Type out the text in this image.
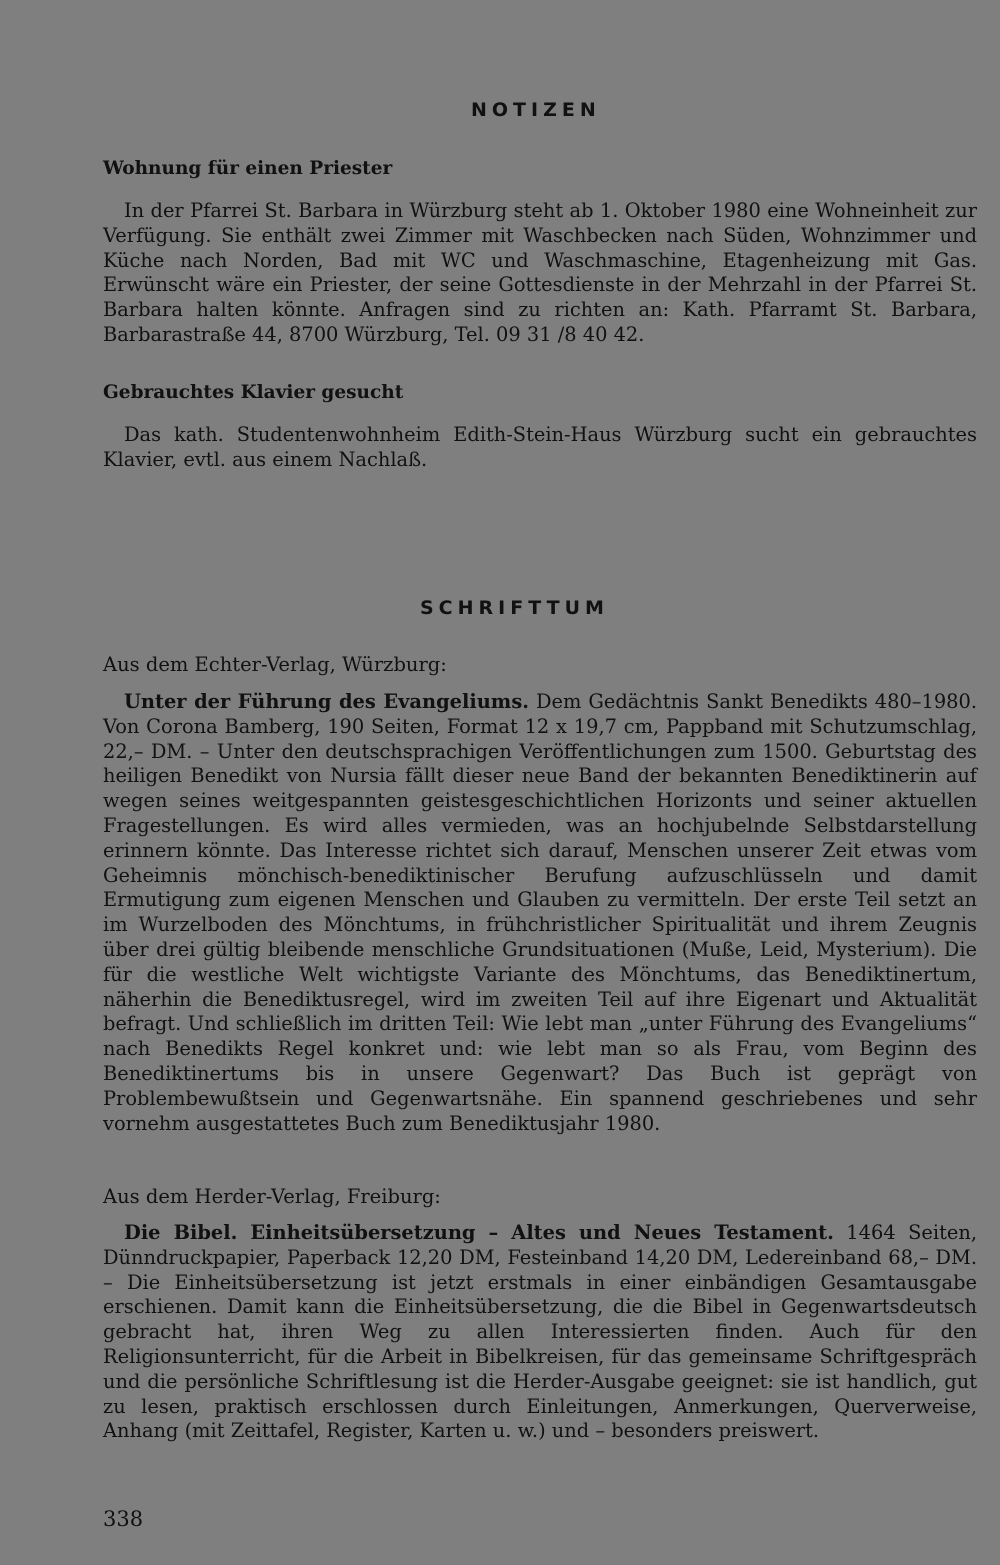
NOTIZEN
Wohnung für einen Priester

In der Pfarrei St. Barbara in Würzburg steht ab 1. Oktober 1980 eine Wohneinheit zur Verfügung. Sie enthält zwei Zimmer mit Waschbecken nach Süden, Wohnzimmer und Küche nach Norden, Bad mit WC und Waschmaschine, Etagenheizung mit Gas. Erwünscht wäre ein Priester, der seine Gottesdienste in der Mehrzahl in der Pfarrei St. Barbara halten könnte. Anfragen sind zu richten an: Kath. Pfarramt St. Barbara, Barbarastraße 44, 8700 Würzburg, Tel. 09 31 /8 40 42.

Gebrauchtes Klavier gesucht

Das kath. Studentenwohnheim Edith-Stein-Haus Würzburg sucht ein gebrauchtes Klavier, evtl. aus einem Nachlaß.

SCHRIFTTUM

Aus dem Echter-Verlag, Würzburg:

Unter der Führung des Evangeliums. Dem Gedächtnis Sankt Benedikts 480–1980. Von Corona Bamberg, 190 Seiten, Format 12 x 19,7 cm, Pappband mit Schutzumschlag, 22,– DM. – Unter den deutschsprachigen Veröffentlichungen zum 1500. Geburtstag des heiligen Benedikt von Nursia fällt dieser neue Band der bekannten Benediktinerin auf wegen seines weitgespannten geistesgeschichtlichen Horizonts und seiner aktuellen Fragestellungen. Es wird alles vermieden, was an hochjubelnde Selbstdarstellung erinnern könnte. Das Interesse richtet sich darauf, Menschen unserer Zeit etwas vom Geheimnis mönchisch-benediktinischer Berufung aufzuschlüsseln und damit Ermutigung zum eigenen Menschen und Glauben zu vermitteln. Der erste Teil setzt an im Wurzelboden des Mönchtums, in frühchristlicher Spiritualität und ihrem Zeugnis über drei gültig bleibende menschliche Grundsituationen (Muße, Leid, Mysterium). Die für die westliche Welt wichtigste Variante des Mönchtums, das Benediktinertum, näherhin die Benediktusregel, wird im zweiten Teil auf ihre Eigenart und Aktualität befragt. Und schließlich im dritten Teil: Wie lebt man „unter Führung des Evangeliums“ nach Benedikts Regel konkret und: wie lebt man so als Frau, vom Beginn des Benediktinertums bis in unsere Gegenwart? Das Buch ist geprägt von Problembewußtsein und Gegenwartsnähe. Ein spannend geschriebenes und sehr vornehm ausgestattetes Buch zum Benediktusjahr 1980.

Aus dem Herder-Verlag, Freiburg:

Die Bibel. Einheitsübersetzung – Altes und Neues Testament. 1464 Seiten, Dünndruckpapier, Paperback 12,20 DM, Festeinband 14,20 DM, Ledereinband 68,– DM. – Die Einheitsübersetzung ist jetzt erstmals in einer einbändigen Gesamtausgabe erschienen. Damit kann die Einheitsübersetzung, die die Bibel in Gegenwartsdeutsch gebracht hat, ihren Weg zu allen Interessierten finden. Auch für den Religionsunterricht, für die Arbeit in Bibelkreisen, für das gemeinsame Schriftgespräch und die persönliche Schriftlesung ist die Herder-Ausgabe geeignet: sie ist handlich, gut zu lesen, praktisch erschlossen durch Einleitungen, Anmerkungen, Querverweise, Anhang (mit Zeittafel, Register, Karten u. w.) und – besonders preiswert.

338
